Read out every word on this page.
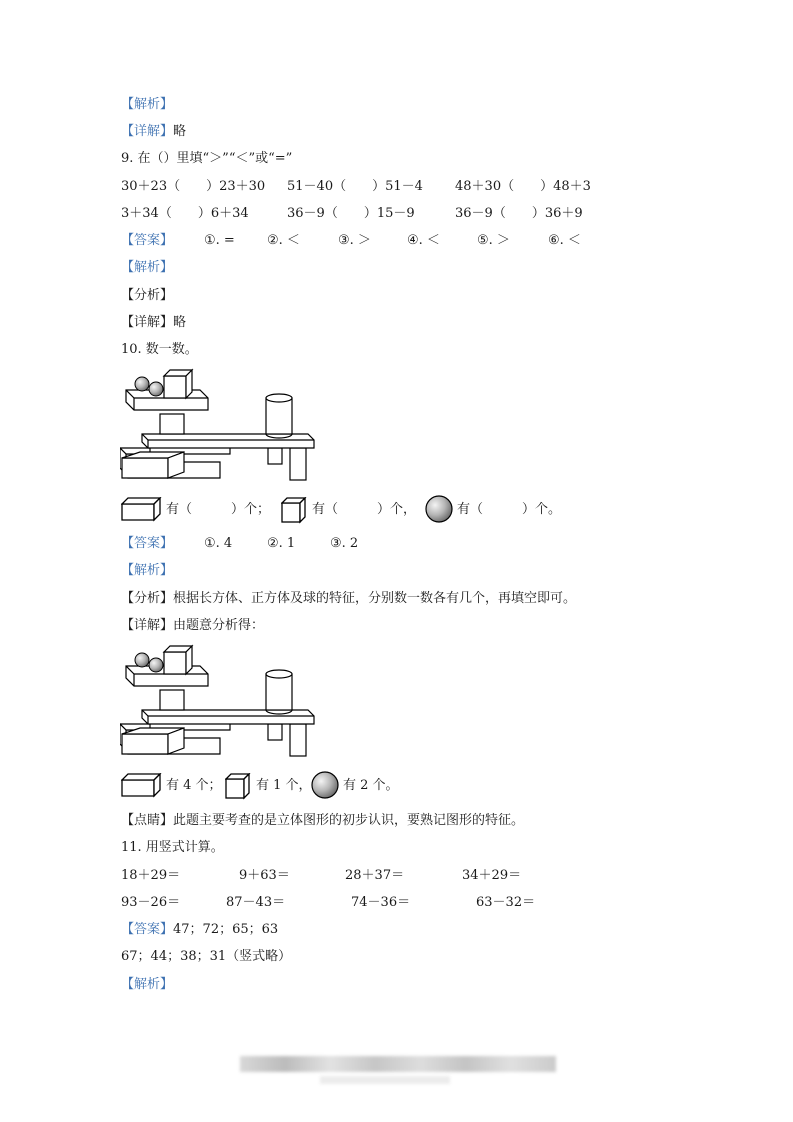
【解析】
【详解】略
9. 在（）里填“＞”“＜”或“=”
30＋23（　　）23＋30 51－40（　　）51－4 48＋30（　　）48＋3
3＋34（　　）6＋34	36－9（　　）15－9	36－9（　　）36＋9
【答案】 ①. = ②. ＜	③. ＞	④. ＜	⑤. ＞	⑥. ＜
【解析】
【分析】
【详解】略
10. 数一数。
有（　　　）个；	有（　　　）个，	有（　　　）个。
【答案】 ①. 4	②. 1	③. 2
【解析】
【分析】根据长方体、正方体及球的特征，分别数一数各有几个，再填空即可。
【详解】由题意分析得：
有 4 个；	有 1 个， 有 2 个。
【点睛】此题主要考查的是立体图形的初步认识，要熟记图形的特征。
11. 用竖式计算。
18＋29＝	9＋63＝	28＋37＝	34＋29＝
93－26＝	87－43＝	74－36＝	63－32＝
【答案】47；72；65；63
67；44；38；31（竖式略）
【解析】
